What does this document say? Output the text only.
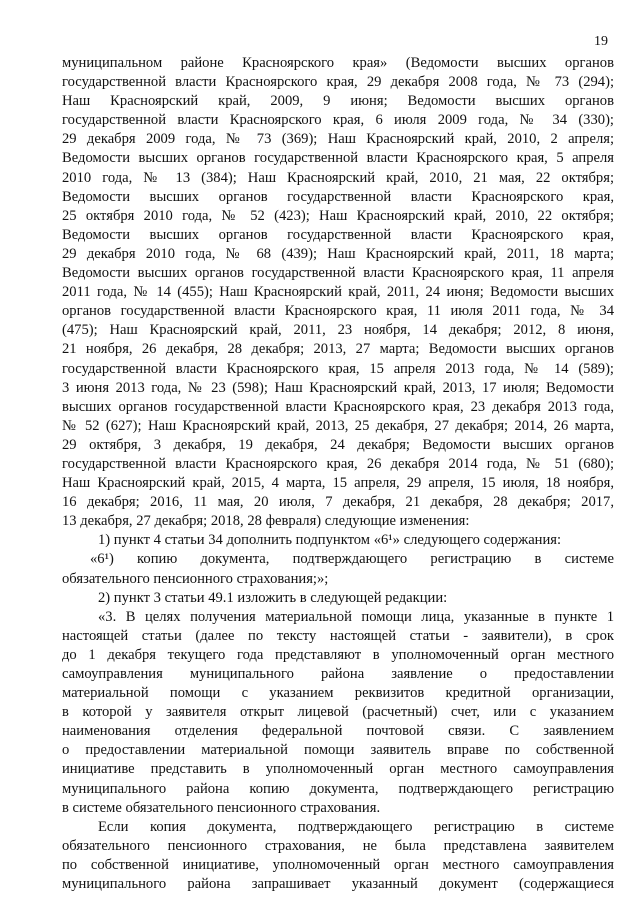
19
муниципальном районе Красноярского края» (Ведомости высших органов
государственной власти Красноярского края, 29 декабря 2008 года, № 73 (294);
Наш Красноярский край, 2009, 9 июня; Ведомости высших органов
государственной власти Красноярского края, 6 июля 2009 года, № 34 (330);
29 декабря 2009 года, № 73 (369); Наш Красноярский край, 2010, 2 апреля;
Ведомости высших органов государственной власти Красноярского края, 5 апреля
2010 года, № 13 (384); Наш Красноярский край, 2010, 21 мая, 22 октября;
Ведомости высших органов государственной власти Красноярского края,
25 октября 2010 года, № 52 (423); Наш Красноярский край, 2010, 22 октября;
Ведомости высших органов государственной власти Красноярского края,
29 декабря 2010 года, № 68 (439); Наш Красноярский край, 2011, 18 марта;
Ведомости высших органов государственной власти Красноярского края, 11 апреля
2011 года, № 14 (455); Наш Красноярский край, 2011, 24 июня; Ведомости высших
органов государственной власти Красноярского края, 11 июля 2011 года, № 34
(475); Наш Красноярский край, 2011, 23 ноября, 14 декабря; 2012, 8 июня,
21 ноября, 26 декабря, 28 декабря; 2013, 27 марта; Ведомости высших органов
государственной власти Красноярского края, 15 апреля 2013 года, № 14 (589);
3 июня 2013 года, № 23 (598); Наш Красноярский край, 2013, 17 июля; Ведомости
высших органов государственной власти Красноярского края, 23 декабря 2013 года,
№ 52 (627); Наш Красноярский край, 2013, 25 декабря, 27 декабря; 2014, 26 марта,
29 октября, 3 декабря, 19 декабря, 24 декабря; Ведомости высших органов
государственной власти Красноярского края, 26 декабря 2014 года, № 51 (680);
Наш Красноярский край, 2015, 4 марта, 15 апреля, 29 апреля, 15 июля, 18 ноября,
16 декабря; 2016, 11 мая, 20 июля, 7 декабря, 21 декабря, 28 декабря; 2017,
13 декабря, 27 декабря; 2018, 28 февраля) следующие изменения:
1) пункт 4 статьи 34 дополнить подпунктом «6¹» следующего содержания:
«6¹) копию документа, подтверждающего регистрацию в системе
обязательного пенсионного страхования;»;
2) пункт 3 статьи 49.1 изложить в следующей редакции:
«3. В целях получения материальной помощи лица, указанные в пункте 1
настоящей статьи (далее по тексту настоящей статьи - заявители), в срок
до 1 декабря текущего года представляют в уполномоченный орган местного
самоуправления муниципального района заявление о предоставлении
материальной помощи с указанием реквизитов кредитной организации,
в которой у заявителя открыт лицевой (расчетный) счет, или с указанием
наименования отделения федеральной почтовой связи. С заявлением
о предоставлении материальной помощи заявитель вправе по собственной
инициативе представить в уполномоченный орган местного самоуправления
муниципального района копию документа, подтверждающего регистрацию
в системе обязательного пенсионного страхования.
Если копия документа, подтверждающего регистрацию в системе
обязательного пенсионного страхования, не была представлена заявителем
по собственной инициативе, уполномоченный орган местного самоуправления
муниципального района запрашивает указанный документ (содержащиеся
